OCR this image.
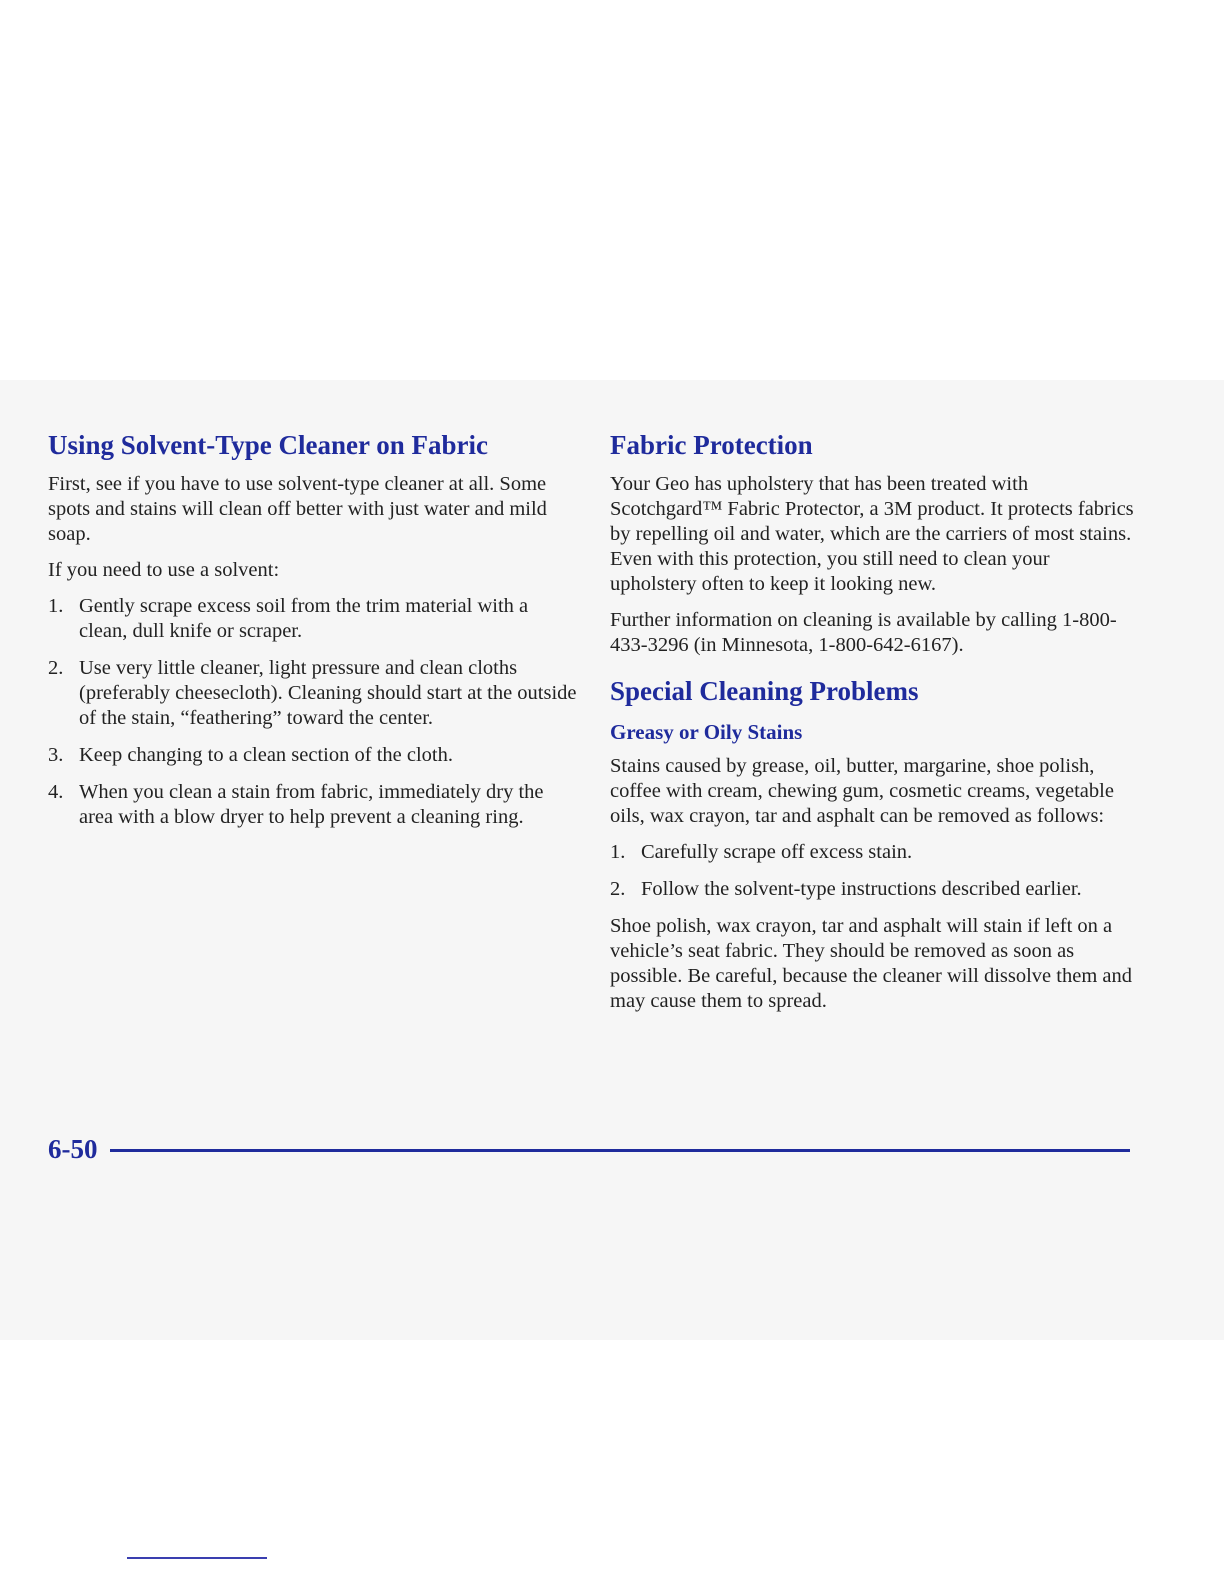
Using Solvent-Type Cleaner on Fabric

First, see if you have to use solvent-type cleaner at all. Some spots and stains will clean off better with just water and mild soap.

If you need to use a solvent:

1. Gently scrape excess soil from the trim material with a clean, dull knife or scraper.
2. Use very little cleaner, light pressure and clean cloths (preferably cheesecloth). Cleaning should start at the outside of the stain, “feathering” toward the center.
3. Keep changing to a clean section of the cloth.
4. When you clean a stain from fabric, immediately dry the area with a blow dryer to help prevent a cleaning ring.
Fabric Protection

Your Geo has upholstery that has been treated with Scotchgard™ Fabric Protector, a 3M product. It protects fabrics by repelling oil and water, which are the carriers of most stains. Even with this protection, you still need to clean your upholstery often to keep it looking new.

Further information on cleaning is available by calling 1-800-433-3296 (in Minnesota, 1-800-642-6167).

Special Cleaning Problems
Greasy or Oily Stains

Stains caused by grease, oil, butter, margarine, shoe polish, coffee with cream, chewing gum, cosmetic creams, vegetable oils, wax crayon, tar and asphalt can be removed as follows:

1. Carefully scrape off excess stain.
2. Follow the solvent-type instructions described earlier.

Shoe polish, wax crayon, tar and asphalt will stain if left on a vehicle’s seat fabric. They should be removed as soon as possible. Be careful, because the cleaner will dissolve them and may cause them to spread.

6-50
